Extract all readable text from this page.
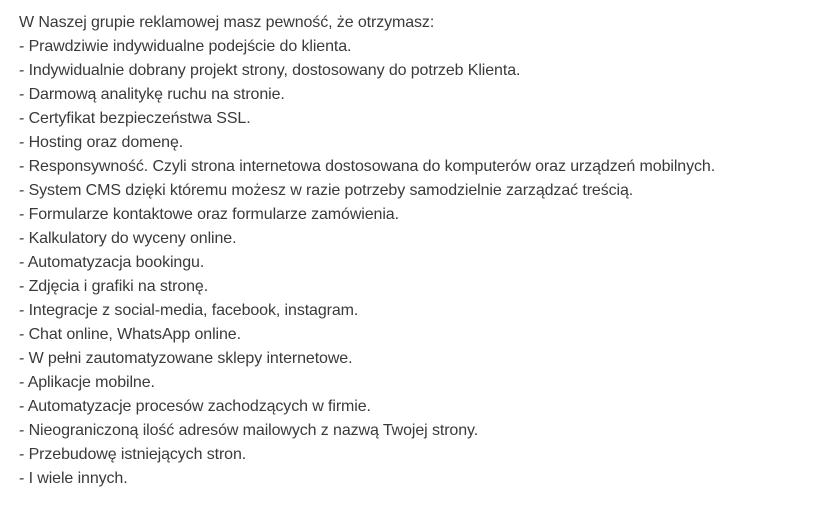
W Naszej grupie reklamowej masz pewność, że otrzymasz:
- Prawdziwie indywidualne podejście do klienta.
- Indywidualnie dobrany projekt strony, dostosowany do potrzeb Klienta.
- Darmową analitykę ruchu na stronie.
- Certyfikat bezpieczeństwa SSL.
- Hosting oraz domenę.
- Responsywność. Czyli strona internetowa dostosowana do komputerów oraz urządzeń mobilnych.
- System CMS dzięki któremu możesz w razie potrzeby samodzielnie zarządzać treścią.
- Formularze kontaktowe oraz formularze zamówienia.
- Kalkulatory do wyceny online.
- Automatyzacja bookingu.
- Zdjęcia i grafiki na stronę.
- Integracje z social-media, facebook, instagram.
- Chat online, WhatsApp online.
- W pełni zautomatyzowane sklepy internetowe.
- Aplikacje mobilne.
- Automatyzacje procesów zachodzących w firmie.
- Nieograniczoną ilość adresów mailowych z nazwą Twojej strony.
- Przebudowę istniejących stron.
- I wiele innych.
